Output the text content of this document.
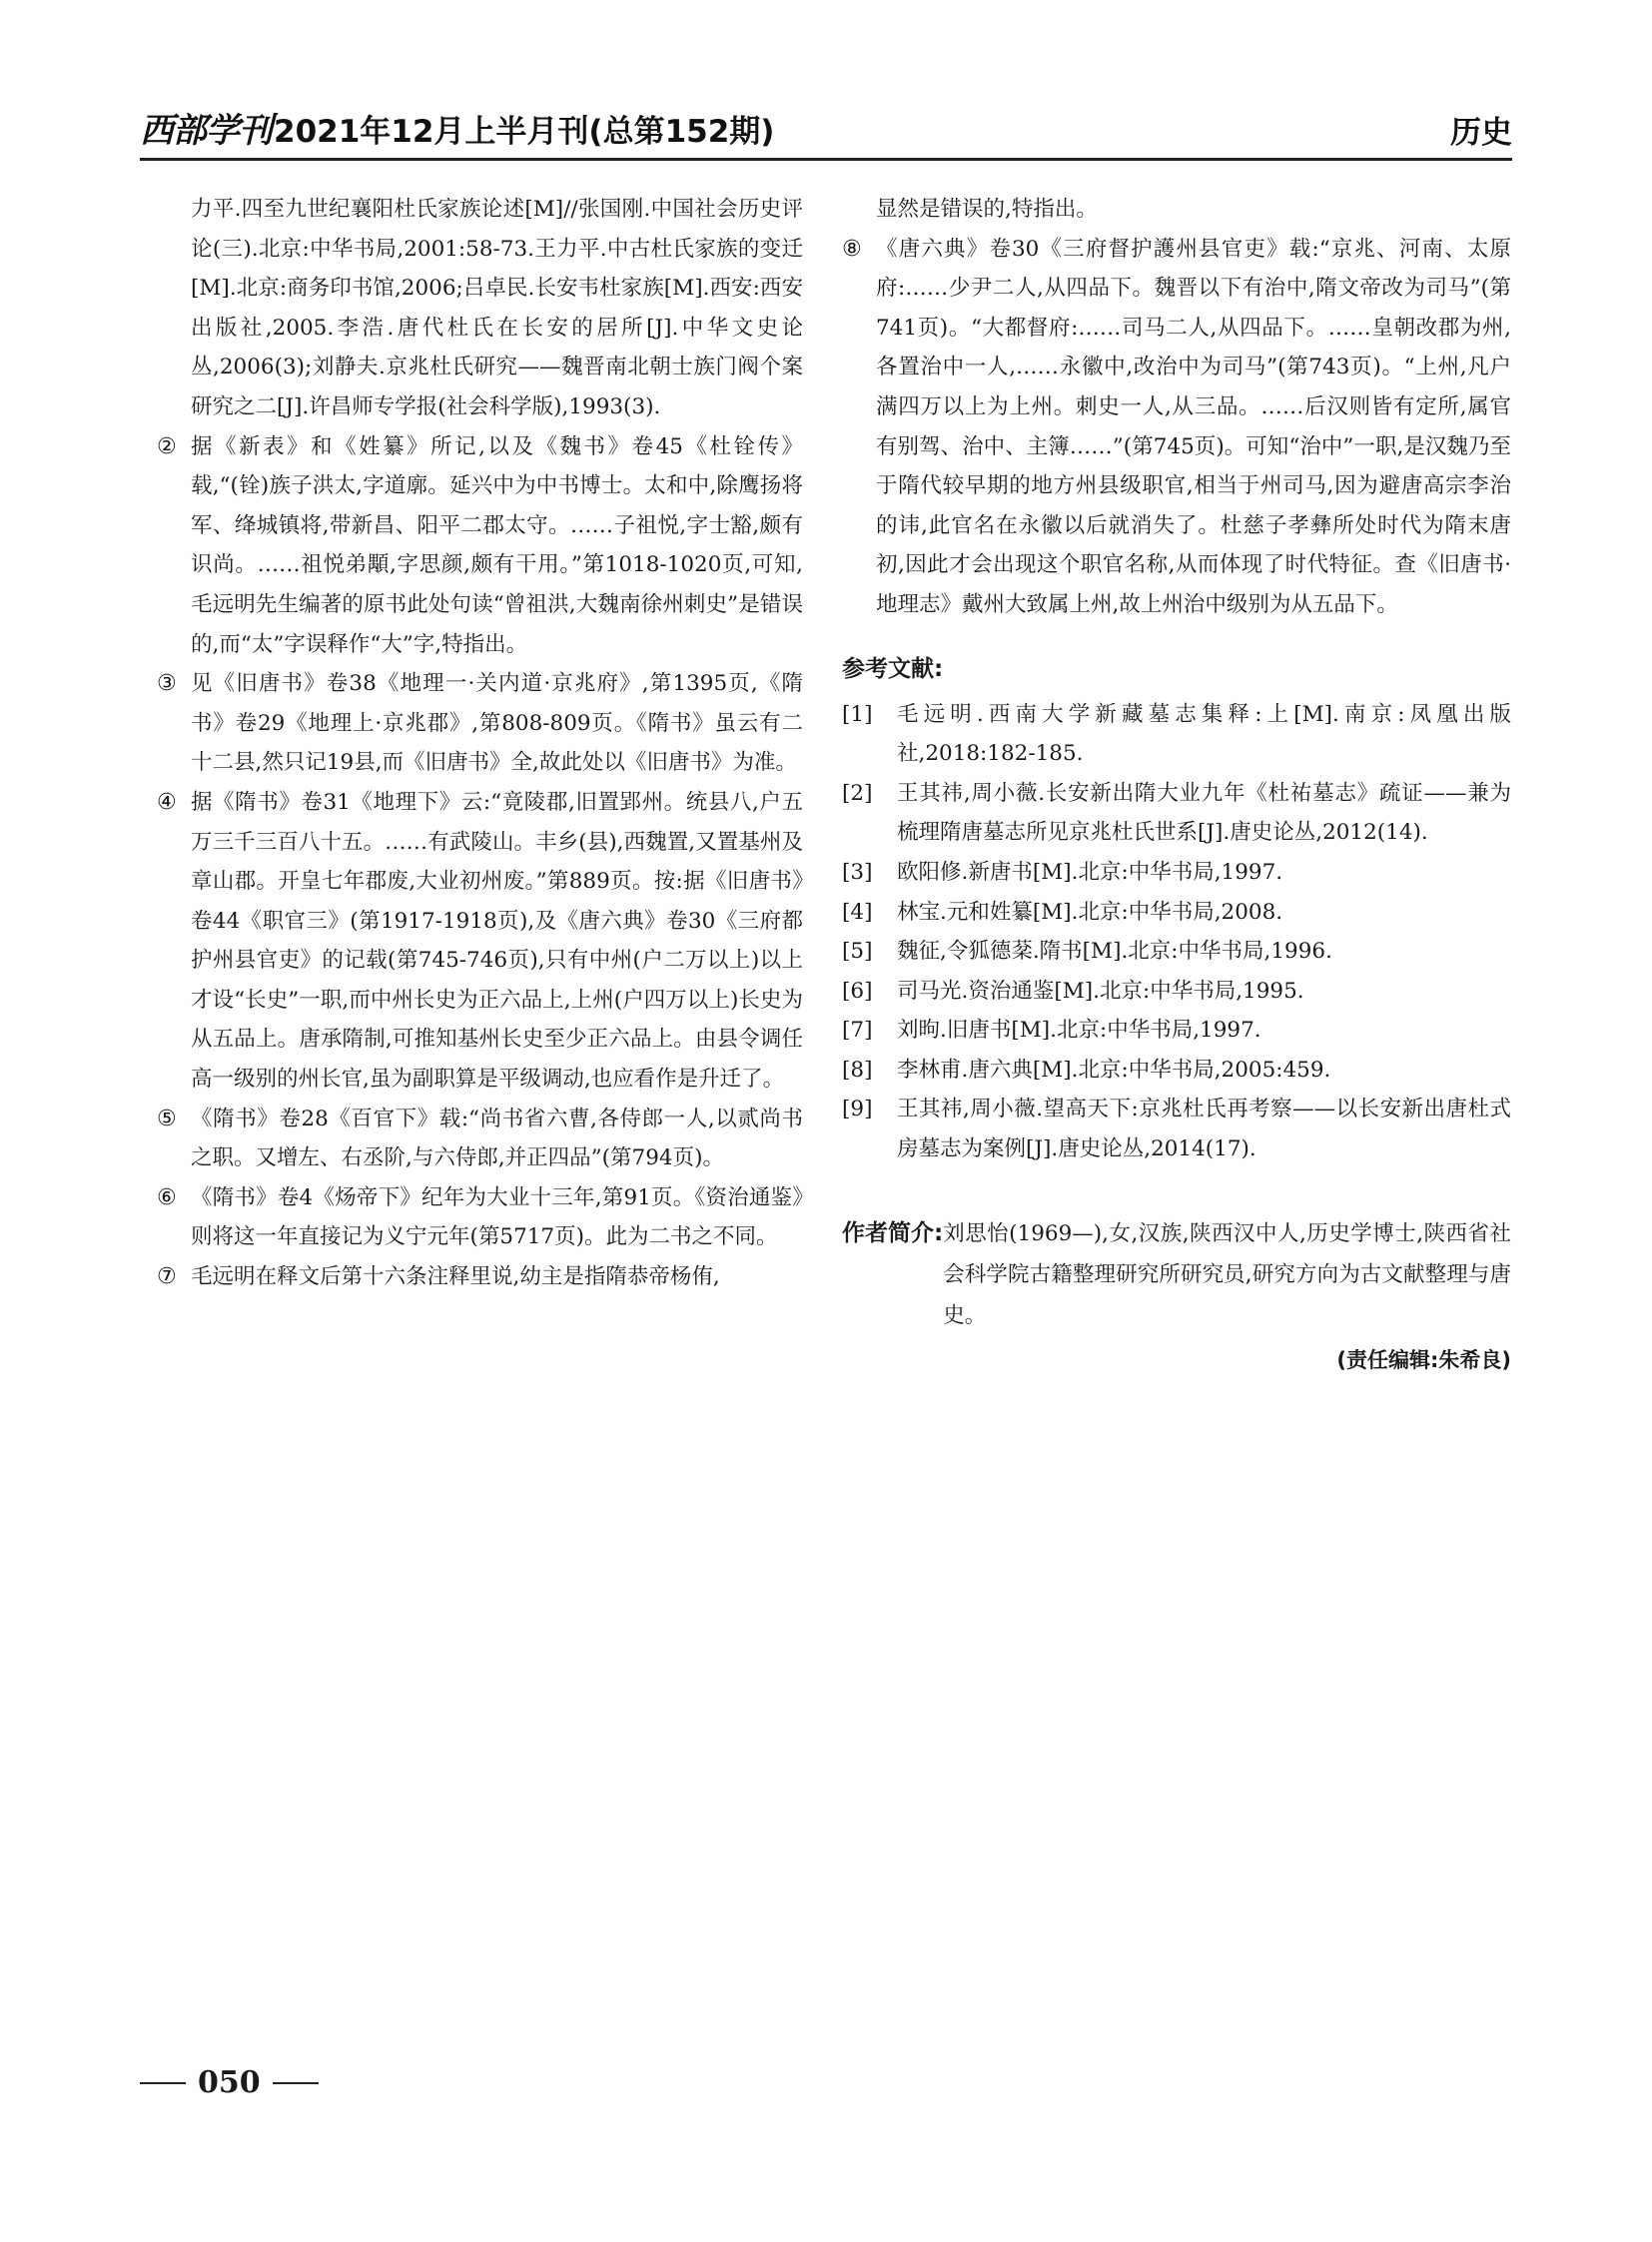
西部学刊 2021年12月上半月刊(总第152期)	历史

力平.四至九世纪襄阳杜氏家族论述[M]//张国刚.中国社会历史评论(三).北京:中华书局,2001:58-73.王力平.中古杜氏家族的变迁[M].北京:商务印书馆,2006;吕卓民.长安韦杜家族[M].西安:西安出版社,2005.李浩.唐代杜氏在长安的居所[J].中华文史论丛,2006(3);刘静夫.京兆杜氏研究——魏晋南北朝士族门阀个案研究之二[J].许昌师专学报(社会科学版),1993(3).

② 据《新表》和《姓纂》所记,以及《魏书》卷45《杜铨传》载,“(铨)族子洪太,字道廓。延兴中为中书博士。太和中,除鹰扬将军、绛城镇将,带新昌、阳平二郡太守。……子祖悦,字士豁,颇有识尚。……祖悦弟顒,字思颜,颇有干用。”第1018-1020页,可知,毛远明先生编著的原书此处句读“曾祖洪,大魏南徐州刺史”是错误的,而“太”字误释作“大”字,特指出。

③ 见《旧唐书》卷38《地理一·关内道·京兆府》,第1395页,《隋书》卷29《地理上·京兆郡》,第808-809页。《隋书》虽云有二十二县,然只记19县,而《旧唐书》全,故此处以《旧唐书》为准。

④ 据《隋书》卷31《地理下》云:“竟陵郡,旧置郢州。统县八,户五万三千三百八十五。……有武陵山。丰乡(县),西魏置,又置基州及章山郡。开皇七年郡废,大业初州废。”第889页。按:据《旧唐书》卷44《职官三》(第1917-1918页),及《唐六典》卷30《三府都护州县官吏》的记载(第745-746页),只有中州(户二万以上)以上才设“长史”一职,而中州长史为正六品上,上州(户四万以上)长史为从五品上。唐承隋制,可推知基州长史至少正六品上。由县令调任高一级别的州长官,虽为副职算是平级调动,也应看作是升迁了。

⑤ 《隋书》卷28《百官下》载:“尚书省六曹,各侍郎一人,以贰尚书之职。又增左、右丞阶,与六侍郎,并正四品”(第794页)。

⑥ 《隋书》卷4《炀帝下》纪年为大业十三年,第91页。《资治通鉴》则将这一年直接记为义宁元年(第5717页)。此为二书之不同。

⑦ 毛远明在释文后第十六条注释里说,幼主是指隋恭帝杨侑,

显然是错误的,特指出。

⑧ 《唐六典》卷30《三府督护護州县官吏》载:“京兆、河南、太原府:……少尹二人,从四品下。魏晋以下有治中,隋文帝改为司马”(第741页)。“大都督府:……司马二人,从四品下。……皇朝改郡为州,各置治中一人,……永徽中,改治中为司马”(第743页)。“上州,凡户满四万以上为上州。刺史一人,从三品。……后汉则皆有定所,属官有别驾、治中、主簿……”(第745页)。可知“治中”一职,是汉魏乃至于隋代较早期的地方州县级职官,相当于州司马,因为避唐高宗李治的讳,此官名在永徽以后就消失了。杜慈子孝彝所处时代为隋末唐初,因此才会出现这个职官名称,从而体现了时代特征。查《旧唐书·地理志》戴州大致属上州,故上州治中级别为从五品下。

参考文献:

[1] 毛远明.西南大学新藏墓志集释:上[M].南京:凤凰出版社,2018:182-185.

[2] 王其祎,周小薇.长安新出隋大业九年《杜祐墓志》疏证——兼为梳理隋唐墓志所见京兆杜氏世系[J].唐史论丛,2012(14).

[3] 欧阳修.新唐书[M].北京:中华书局,1997.

[4] 林宝.元和姓纂[M].北京:中华书局,2008.

[5] 魏征,令狐德棻.隋书[M].北京:中华书局,1996.

[6] 司马光.资治通鉴[M].北京:中华书局,1995.

[7] 刘昫.旧唐书[M].北京:中华书局,1997.

[8] 李林甫.唐六典[M].北京:中华书局,2005:459.

[9] 王其祎,周小薇.望高天下:京兆杜氏再考察——以长安新出唐杜式房墓志为案例[J].唐史论丛,2014(17).

作者简介: 刘思怡(1969—),女,汉族,陕西汉中人,历史学博士,陕西省社会科学院古籍整理研究所研究员,研究方向为古文献整理与唐史。
(责任编辑:朱希良)
050
